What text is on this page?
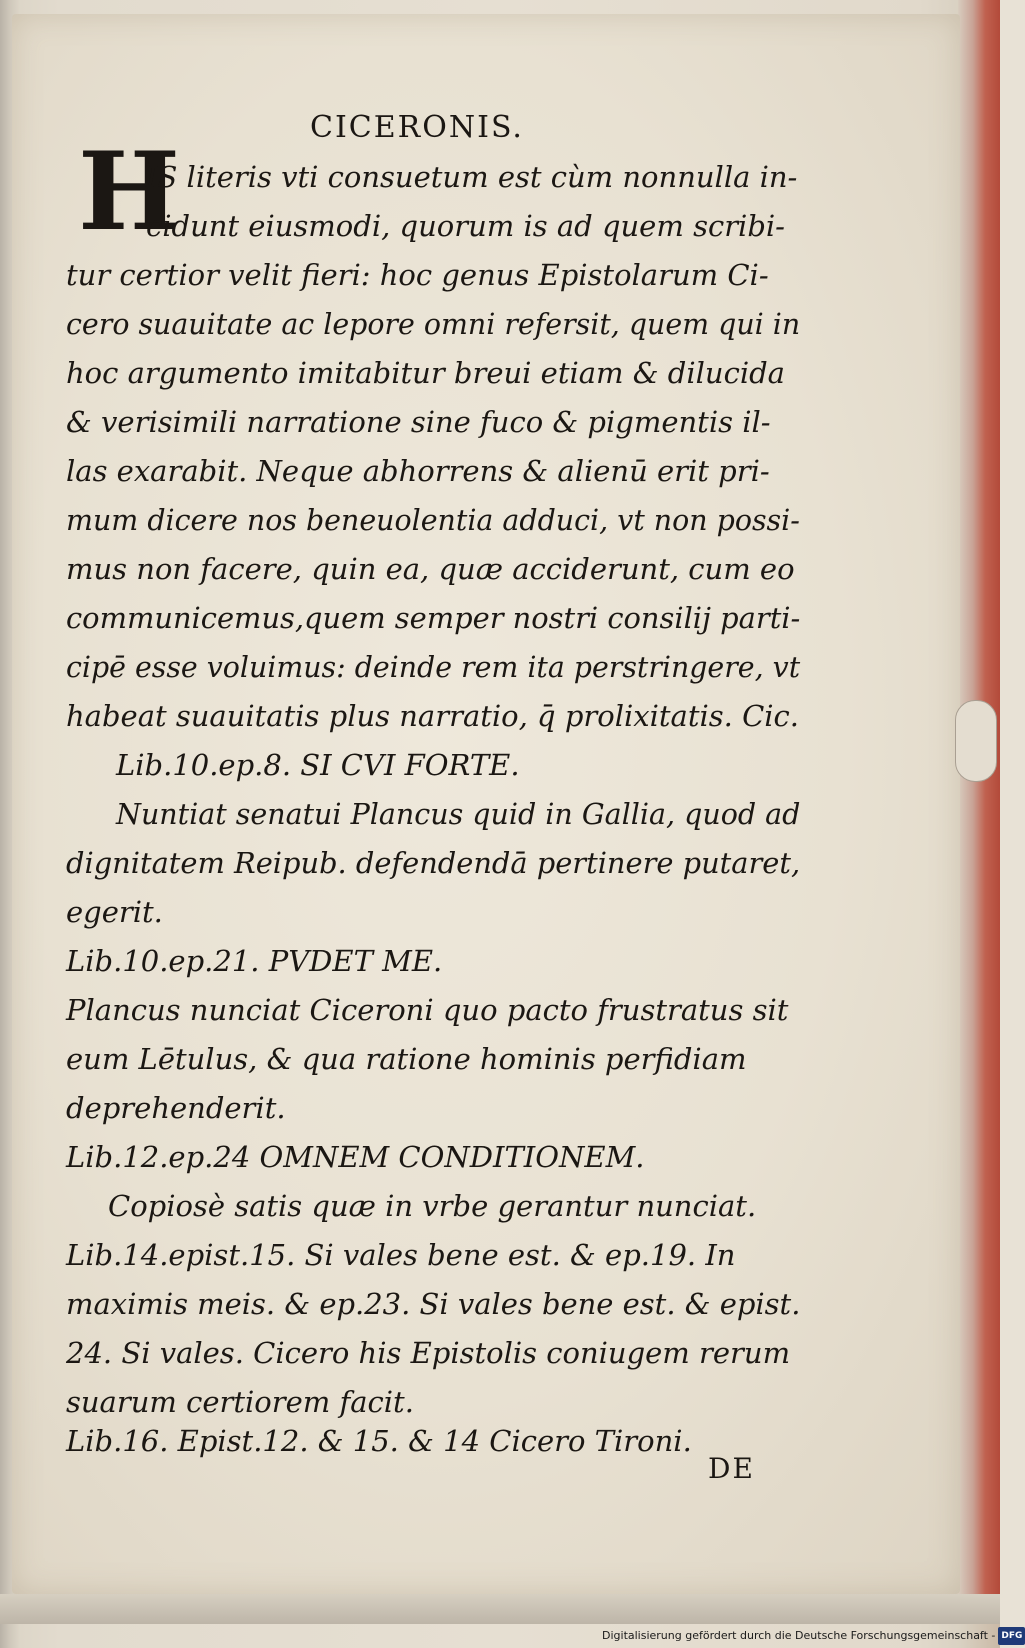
CICERONIS.
H
IS literis vti consuetum est cùm nonnulla in-
cidunt eiusmodi, quorum is ad quem scribi-
tur certior velit fieri: hoc genus Epistolarum Ci-
cero suauitate ac lepore omni refersit, quem qui in
hoc argumento imitabitur breui etiam & dilucida
& verisimili narratione sine fuco & pigmentis il-
las exarabit. Neque abhorrens & alienū erit pri-
mum dicere nos beneuolentia adduci, vt non possi-
mus non facere, quin ea, quæ acciderunt, cum eo
communicemus,quem semper nostri consilij parti-
cipē esse voluimus: deinde rem ita perstringere, vt
habeat suauitatis plus narratio, q̄ prolixitatis. Cic.
Lib.10.ep.8. SI CVI FORTE.
Nuntiat senatui Plancus quid in Gallia, quod ad
dignitatem Reipub. defendendā pertinere putaret,
egerit.
Lib.10.ep.21. PVDET ME.
Plancus nunciat Ciceroni quo pacto frustratus sit
eum Lētulus, & qua ratione hominis perfidiam
deprehenderit.
Lib.12.ep.24 OMNEM CONDITIONEM.
Copiosè satis quæ in vrbe gerantur nunciat.
Lib.14.epist.15. Si vales bene est. & ep.19. In
maximis meis. & ep.23. Si vales bene est. & epist.
24. Si vales. Cicero his Epistolis coniugem rerum
suarum certiorem facit.
Lib.16. Epist.12. & 15. & 14 Cicero Tironi.
DE
Digitalisierung gefördert durch die Deutsche Forschungsgemeinschaft - DFG
